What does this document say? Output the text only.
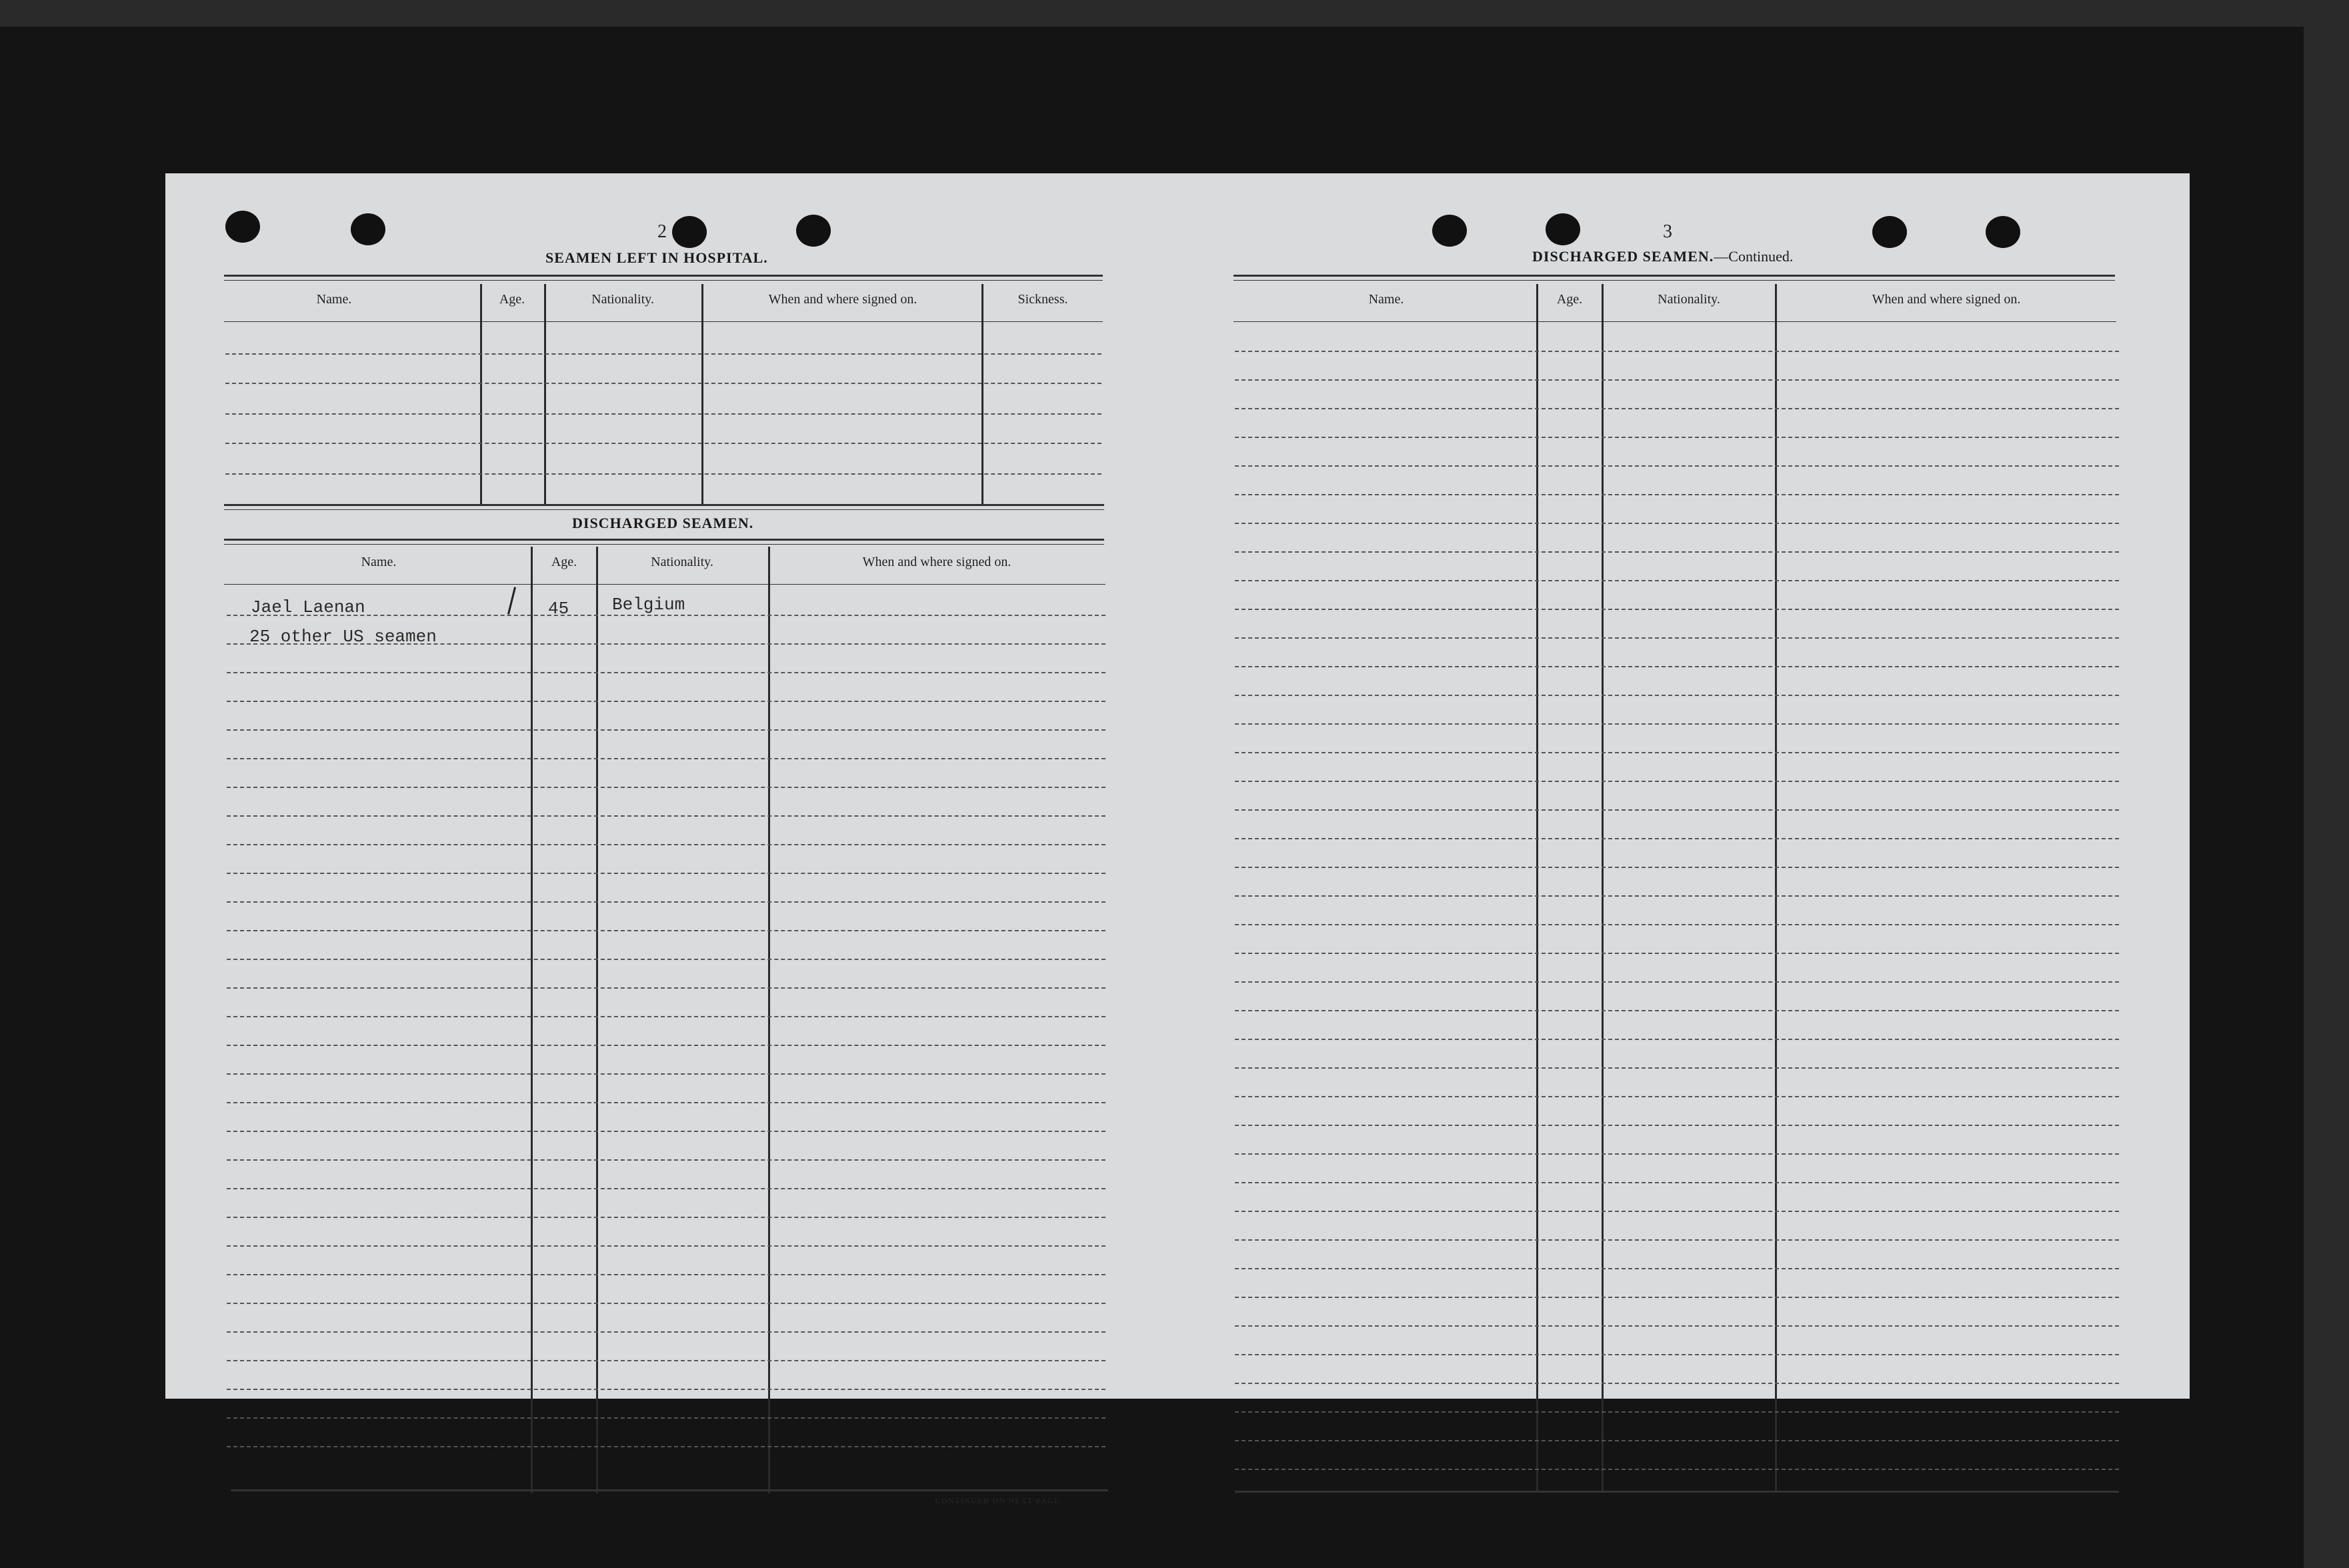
2
SEAMEN LEFT IN HOSPITAL.
Name.	Age.	Nationality.	When and where signed on.	Sickness.
DISCHARGED SEAMEN.
Name.	Age.	Nationality.	When and where signed on.
Jael Laenan	45 Belgium
25 other US seamen
CONTINUED ON NEXT PAGE.
3
DISCHARGED SEAMEN.—Continued.
Name.	Age.	Nationality.	When and where signed on.
